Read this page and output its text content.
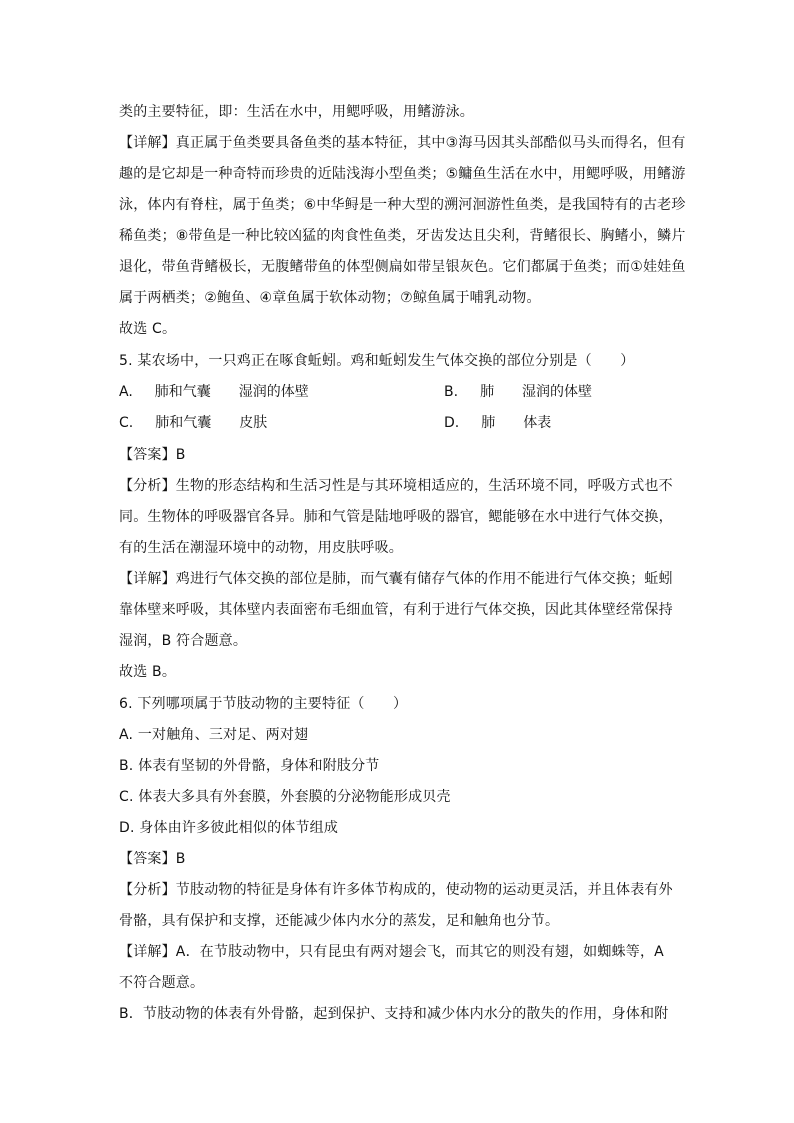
类的主要特征，即：生活在水中，用鳃呼吸，用鳍游泳。
【详解】真正属于鱼类要具备鱼类的基本特征，其中③海马因其头部酷似马头而得名，但有
趣的是它却是一种奇特而珍贵的近陆浅海小型鱼类；⑤鳙鱼生活在水中，用鳃呼吸，用鳍游
泳，体内有脊柱，属于鱼类；⑥中华鲟是一种大型的溯河洄游性鱼类，是我国特有的古老珍
稀鱼类；⑧带鱼是一种比较凶猛的肉食性鱼类，牙齿发达且尖利，背鳍很长、胸鳍小，鳞片
退化，带鱼背鳍极长，无腹鳍带鱼的体型侧扁如带呈银灰色。它们都属于鱼类；而①娃娃鱼
属于两栖类；②鲍鱼、④章鱼属于软体动物；⑦鲸鱼属于哺乳动物。
故选 C。
5. 某农场中，一只鸡正在啄食蚯蚓。鸡和蚯蚓发生气体交换的部位分别是（　　）
A. 肺和气囊　　湿润的体壁	B. 肺　　湿润的体壁
C. 肺和气囊　　皮肤	D. 肺　　体表
【答案】B
【分析】生物的形态结构和生活习性是与其环境相适应的，生活环境不同，呼吸方式也不
同。生物体的呼吸器官各异。肺和气管是陆地呼吸的器官，鳃能够在水中进行气体交换，
有的生活在潮湿环境中的动物，用皮肤呼吸。
【详解】鸡进行气体交换的部位是肺，而气囊有储存气体的作用不能进行气体交换；蚯蚓
靠体壁来呼吸，其体壁内表面密布毛细血管，有利于进行气体交换，因此其体壁经常保持
湿润，B 符合题意。
故选 B。
6. 下列哪项属于节肢动物的主要特征（　　）
A. 一对触角、三对足、两对翅
B. 体表有坚韧的外骨骼，身体和附肢分节
C. 体表大多具有外套膜，外套膜的分泌物能形成贝壳
D. 身体由许多彼此相似的体节组成
【答案】B
【分析】节肢动物的特征是身体有许多体节构成的，使动物的运动更灵活，并且体表有外
骨骼，具有保护和支撑，还能减少体内水分的蒸发，足和触角也分节。
【详解】A．在节肢动物中，只有昆虫有两对翅会飞，而其它的则没有翅，如蜘蛛等，A
不符合题意。
B．节肢动物的体表有外骨骼，起到保护、支持和减少体内水分的散失的作用，身体和附
